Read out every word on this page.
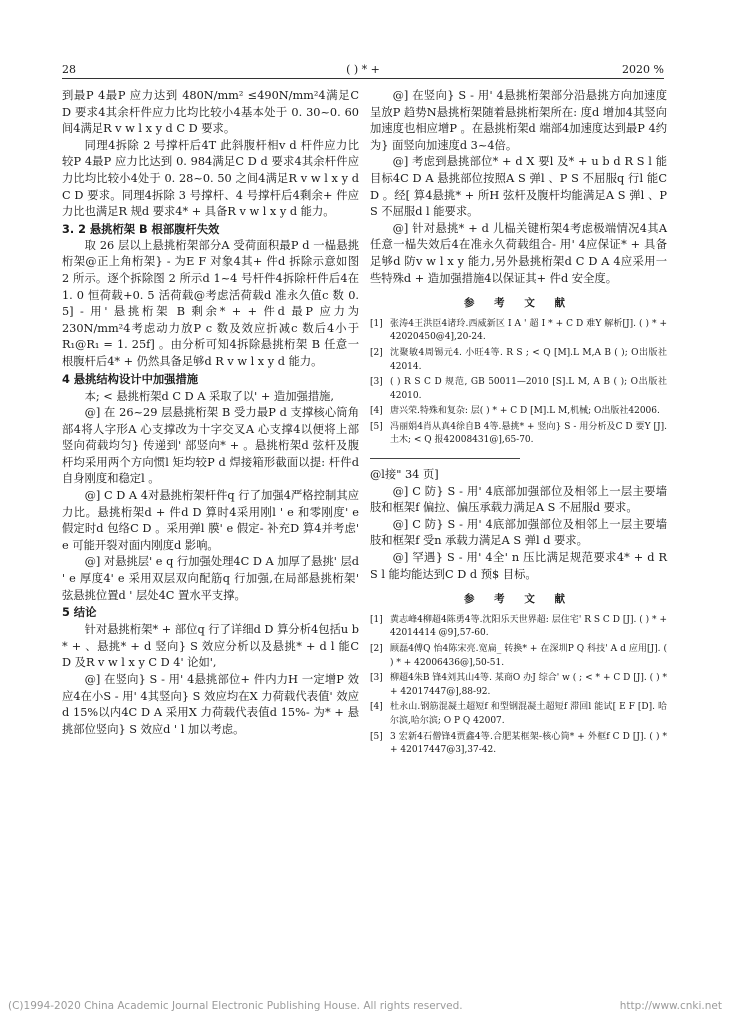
28	( ) * +	2020 %
到最P 4最P 应力达到 480N/mm² ≤490N/mm²4满足C D 要求4其余杆件应力比均比较小4基本处于 0. 30~0. 60 间4满足R v w l x y d C D 要求。
同理4拆除 2 号撑杆后4T 此斜腹杆相v d 杆件应力比较P 4最P 应力比达到 0. 984满足C D d 要求4其余杆件应力比均比较小4处于 0. 28~0. 50 之间4满足R v w l x y d C D 要求。同理4拆除 3 号撑杆、4 号撑杆后4剩余+ 件应力比也满足R 规d 要求4* + 具备R v w l x y d 能力。
3. 2 悬挑桁架 B 根部腹杆失效
取 26 层以上悬挑桁架部分A 受荷面积最P d 一榀悬挑桁架@正上角桁架} - 为E F 对象4其+ 件d 拆除示意如图 2 所示。逐个拆除图 2 所示d 1~4 号杆件4拆除杆件后4在 1. 0 恒荷载+0. 5 活荷载@考虑活荷载d 准永久值c 数 0. 5] - 用' 悬挑桁架 B 剩余* + + 件d 最P 应力为 230N/mm²4考虑动力放P c 数及效应折减c 数后4小于 R₁@R₁ = 1. 25f] 。由分析可知4拆除悬挑桁架 B 任意一根腹杆后4* + 仍然具备足够d R v w l x y d 能力。
4 悬挑结构设计中加强措施
本; < 悬挑桁架d C D A 采取了以' + 造加强措施,
@] 在 26~29 层悬挑桁架 B 受力最P d 支撑核心筒角部4将人字形A 心支撑改为十字交叉A 心支撑4以便将上部竖向荷载均匀} 传递到' 部竖向* + 。悬挑桁架d 弦杆及腹杆均采用两个方向惯l 矩均较P d 焊接箱形截面以提: 杆件d 自身刚度和稳定l 。
@] C D A 4对悬挑桁架杆件q 行了加强4严格控制其应力比。悬挑桁架d + 件d D 算时4采用刚l ' e 和零刚度' e 假定时d 包络C D 。采用弹l 膜' e 假定- 补充D 算4并考虑' e 可能开裂对面内刚度d 影响。
@] 对悬挑层' e q 行加强处理4C D A 加厚了悬挑' 层d ' e 厚度4' e 采用双层双向配筋q 行加强,在局部悬挑桁架' 弦悬挑位置d ' 层处4C 置水平支撑。
5 结论
针对悬挑桁架* + 部位q 行了详细d D 算分析4包括u b * + 、悬挑* + d 竖向} S 效应分析以及悬挑* + d l 能C D 及R v w l x y C D 4' 论如',
@] 在竖向} S - 用' 4悬挑部位+ 件内力H 一定增P 效应4在小S - 用' 4其竖向} S 效应均在X 力荷载代表值' 效应d 15%以内4C D A 采用X 力荷载代表值d 15%- 为* + 悬挑部位竖向} S 效应d ' l 加以考虑。
@] 在竖向} S - 用' 4悬挑桁架部分沿悬挑方向加速度呈放P 趋势N悬挑桁架随着悬挑桁架所在: 度d 增加4其竖向加速度也相应增P 。在悬挑桁架d 端部4加速度达到最P 4约为} 面竖向加速度d 3~4倍。
@] 考虑到悬挑部位* + d X 要l 及* + u b d R S l 能目标4C D A 悬挑部位按照A S 弹l 、P S 不屈服q 行l 能C D 。经[ 算4悬挑* + 所H 弦杆及腹杆均能满足A S 弹l 、P S 不屈服d l 能要求。
@] 针对悬挑* + d 儿榀关键桁架4考虑极端情况4其A 任意一榀失效后4在准永久荷载组合- 用' 4应保证* + 具备足够d 防v w l x y 能力,另外悬挑桁架d C D A 4应采用一些特殊d + 造加强措施4以保证其+ 件d 安全度。
参 考 文 献
[1] 张涛4王洪臣4诸玲.西威新区 I A ' 超 I * + C D 难Y 解析[J]. ( ) * + 42020450@4],20-24.
[2] 沈聚敏4周锡元4. 小旺4等. R S ; < Q [M].L M,A B ( ); O出版社42014.
[3] ( ) R S C D 规范, GB 50011—2010 [S].L M, A B ( ); O出版社42010.
[4] 唐兴荣.特殊和复杂: 层( ) * + C D [M].L M,机械; O出版社42006.
[5] 冯丽娟4肖从真4徐自B 4等.悬挑* + 竖向} S - 用分析及C D 要Y [J].土木; < Q 报42008431@],65-70.
@l接" 34 页]
@] C 防} S - 用' 4底部加强部位及相邻上一层主要墙肢和框架f 偏拉、偏压承载力满足A S 不屈服d 要求。
@] C 防} S - 用' 4底部加强部位及相邻上一层主要墙肢和框架f 受n 承载力满足A S 弹l d 要求。
@] 罕遇} S - 用' 4全' n 压比满足规范要求4* + d R S l 能均能达到C D d 预$ 目标。
参 考 文 献
[1] 黄志峰4柳超4陈勇4等.沈阳乐天世界超: 层住宅' R S C D [J]. ( ) * + 42014414 @9],57-60.
[2] 顾磊4傅Q 怡4陈宋亮.宽扁_ 转换* + 在深圳P Q 科技' A d 应用[J]. ( ) * + 42006436@],50-51.
[3] 柳超4朱B 锋4刘其山4等. 某商O 办J 综合' w ( ; < * + C D [J]. ( ) * + 42017447@],88-92.
[4] 杜永山.钢筋混凝土超短f 和型钢混凝土超短f 滞回l 能试[ E F [D]. 哈尔滨,哈尔滨; O P Q 42007.
[5] 3 宏新4石僧锋4贾鑫4等.合肥某框架-核心筒* + 外框f C D [J]. ( ) * + 42017447@3],37-42.
(C)1994-2020 China Academic Journal Electronic Publishing House. All rights reserved.	http://www.cnki.net
